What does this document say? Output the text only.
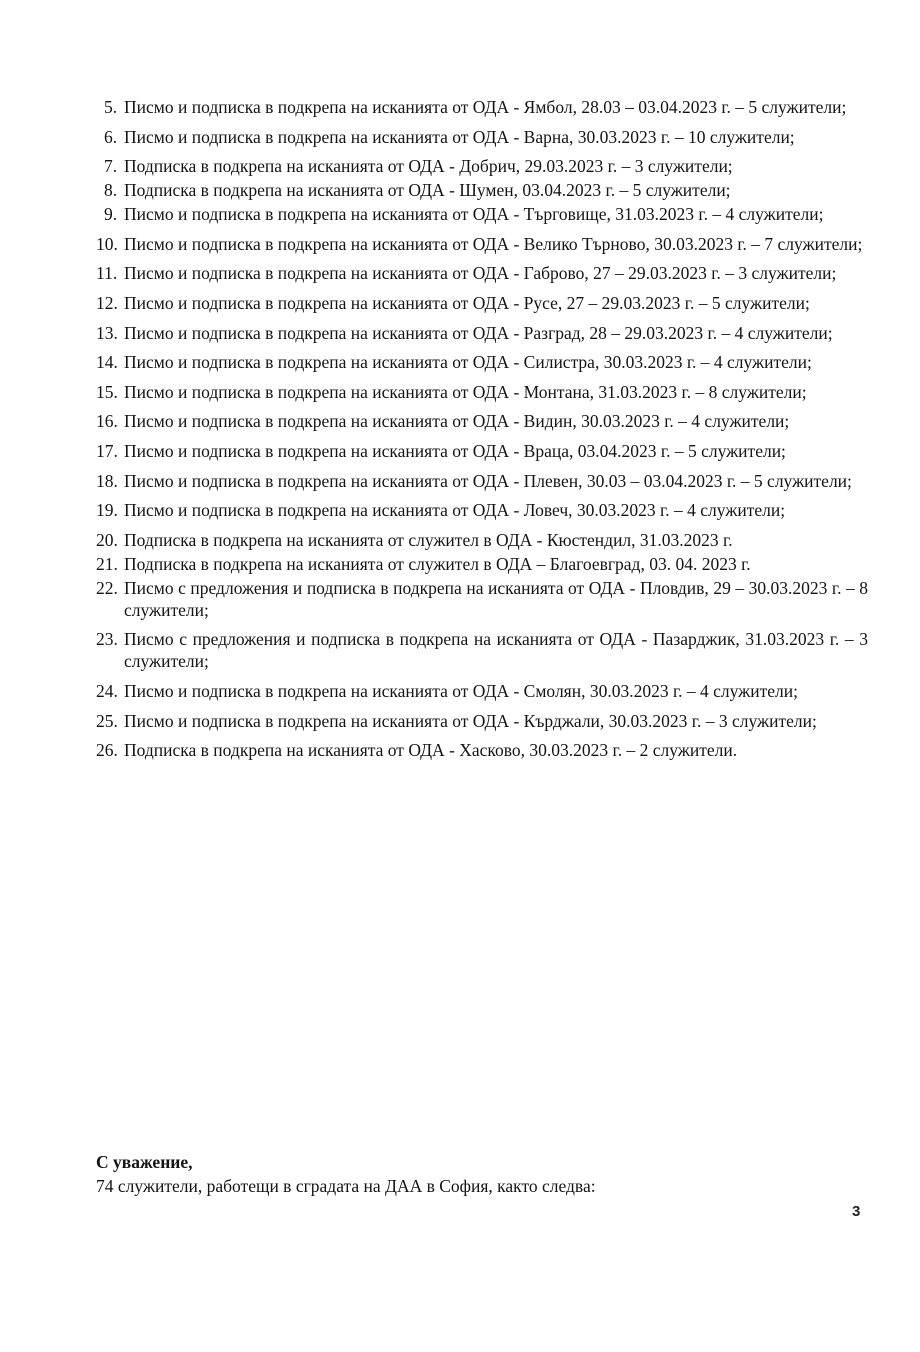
5. Писмо и подписка в подкрепа на исканията от ОДА - Ямбол, 28.03 – 03.04.2023 г. – 5 служители;
6. Писмо и подписка в подкрепа на исканията от ОДА - Варна, 30.03.2023 г. – 10 служители;
7. Подписка в подкрепа на исканията от ОДА - Добрич, 29.03.2023 г. – 3 служители;
8. Подписка в подкрепа на исканията от ОДА - Шумен, 03.04.2023 г. – 5 служители;
9. Писмо и подписка в подкрепа на исканията от ОДА - Търговище, 31.03.2023 г. – 4 служители;
10. Писмо и подписка в подкрепа на исканията от ОДА - Велико Търново, 30.03.2023 г. – 7 служители;
11. Писмо и подписка в подкрепа на исканията от ОДА - Габрово, 27 – 29.03.2023 г. – 3 служители;
12. Писмо и подписка в подкрепа на исканията от ОДА - Русе, 27 – 29.03.2023 г. – 5 служители;
13. Писмо и подписка в подкрепа на исканията от ОДА - Разград, 28 – 29.03.2023 г. – 4 служители;
14. Писмо и подписка в подкрепа на исканията от ОДА - Силистра, 30.03.2023 г. – 4 служители;
15. Писмо и подписка в подкрепа на исканията от ОДА - Монтана, 31.03.2023 г. – 8 служители;
16. Писмо и подписка в подкрепа на исканията от ОДА - Видин, 30.03.2023 г. – 4 служители;
17. Писмо и подписка в подкрепа на исканията от ОДА - Враца, 03.04.2023 г. – 5 служители;
18. Писмо и подписка в подкрепа на исканията от ОДА - Плевен, 30.03 – 03.04.2023 г. – 5 служители;
19. Писмо и подписка в подкрепа на исканията от ОДА - Ловеч, 30.03.2023 г. – 4 служители;
20. Подписка в подкрепа на исканията от служител в ОДА - Кюстендил, 31.03.2023 г.
21. Подписка в подкрепа на исканията от служител в ОДА – Благоевград, 03. 04. 2023 г.
22. Писмо с предложения и подписка в подкрепа на исканията от ОДА - Пловдив, 29 – 30.03.2023 г. – 8 служители;
23. Писмо с предложения и подписка в подкрепа на исканията от ОДА - Пазарджик, 31.03.2023 г. – 3 служители;
24. Писмо и подписка в подкрепа на исканията от ОДА - Смолян, 30.03.2023 г. – 4 служители;
25. Писмо и подписка в подкрепа на исканията от ОДА - Кърджали, 30.03.2023 г. – 3 служители;
26. Подписка в подкрепа на исканията от ОДА - Хасково, 30.03.2023 г. – 2 служители.
С уважение,
74 служители, работещи в сградата на ДАА в София, както следва:
3
